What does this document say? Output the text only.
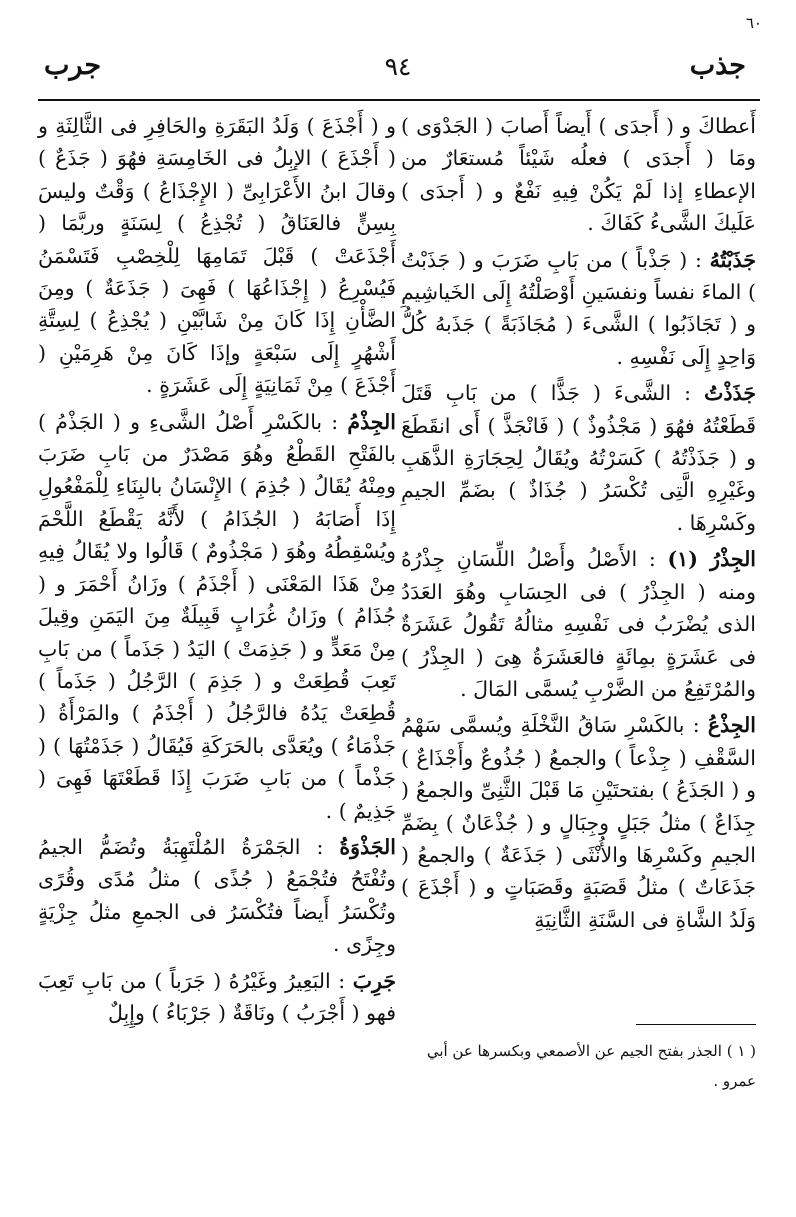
٦٠
جذب
٩٤
جرب

أَعطاكَ و ( أَجدَى ) أَيضاً أَصابَ ( الجَدْوَى ) ومَا ( أَجدَى ) فعلُه شَيْئاً مُستعَارٌ من الإعطاءِ إذا لَمْ يَكُنْ فِيهِ نَفْعٌ و ( أَجدَى ) عَلَيكَ الشَّىءُ كَفَاكَ .

جَذَبْتُهُ : ( جَذْباً ) من بَابِ ضَرَبَ و ( جَذَبْتُ ) الماءَ نفساً ونفسَينِ أَوْصَلْتُهُ إِلَى الخَياشِيمِ و ( تَجَاذَبُوا ) الشَّىءَ ( مُجَاذَبَةً ) جَذَبهُ كُلُّ وَاحِدٍ إِلَى نَفْسِهِ .

جَذَذْتُ : الشَّىءَ ( جَذًّا ) من بَابِ قَتَلَ قَطَعْتُهُ فهُوَ ( مَجْذُوذٌ ) ( فَانْجَذَّ ) أَى انقَطَعَ و ( جَذَذْتُهُ ) كَسَرْتُهُ ويُقَالُ لِحِجَارَةِ الذَّهَبِ وغَيْرِهِ الَّتِى تُكْسَرُ ( جُذَاذٌ ) بضَمِّ الجيمِ وكَسْرِهَا .

الجِذْرُ (١) : الأَصْلُ وأَصْلُ اللِّسَانِ جِذْرُهُ ومنه ( الجِذْرُ ) فى الحِسَابِ وهُوَ العَدَدُ الذى يُضْرَبُ فى نَفْسِهِ مثالُهُ تَقُولُ عَشَرَةٌ فى عَشَرَةٍ بمِائَةٍ فالعَشَرَةُ هِىَ ( الجِذْرُ ) والمُرْتَفِعُ من الضَّرْبِ يُسمَّى المَالَ .

الجِذْعُ : بالكَسْرِ سَاقُ النَّخْلَةِ ويُسمَّى سَهْمُ السَّقْفِ ( جِذْعاً ) والجمعُ ( جُذُوعٌ وأَجْذَاعٌ ) و ( الجَذَعُ ) بفتحتَيْنِ مَا قَبْلَ الثَّنِىِّ والجمعُ ( جِذَاعٌ ) مثلُ جَبَلٍ وجِبَالٍ و ( جُذْعَانٌ ) بِضَمِّ الجيمِ وكَسْرِهَا والأُنْثَى ( جَذَعَةٌ ) والجمعُ ( جَذَعَاتٌ ) مثلُ قَصَبَةٍ وقَصَبَاتٍ و ( أَجْذَعَ ) وَلَدُ الشَّاةِ فى السَّنَةِ الثَّانِيَةِ

و ( أَجْذَعَ ) وَلَدُ البَقَرَةِ والحَافِرِ فى الثَّالِثَةِ و ( أَجْذَعَ ) الإبِلُ فى الخَامِسَةِ فهُوَ ( جَذَعٌ ) وقالَ ابنُ الأَعْرَابِىِّ ( الإِجْذَاعُ ) وَقْتٌ وليسَ بِسِنٍّ فالعَنَاقُ ( تُجْذِعُ ) لِسَنَةٍ وربَّمَا ( أَجْذَعَتْ ) قَبْلَ تَمَامِهَا لِلْخِصْبِ فَتَسْمَنُ فَيُسْرِعُ ( إِجْذَاعُهَا ) فَهِىَ ( جَذَعَةٌ ) ومِنَ الضَّأْنِ إِذَا كَانَ مِنْ شَابَّيْنِ ( يُجْذِعُ ) لِسِتَّةِ أَشْهُرٍ إِلَى سَبْعَةٍ وإذَا كَانَ مِنْ هَرِمَيْنِ ( أَجْذَعَ ) مِنْ ثَمَانِيَةٍ إِلَى عَشَرَةٍ .

الجِذْمُ : بالكَسْرِ أَصْلُ الشَّىءِ و ( الجَذْمُ ) بالفَتْحِ القَطْعُ وهُوَ مَصْدَرٌ من بَابِ ضَرَبَ ومِنْهُ يُقَالُ ( جُذِمَ ) الإِنْسَانُ بالبِنَاءِ لِلْمَفْعُولِ إِذَا أَصَابَهُ ( الجُذَامُ ) لأَنَّهُ يَقْطَعُ اللَّحْمَ ويُسْقِطُهُ وهُوَ ( مَجْذُومٌ ) قَالُوا ولا يُقَالُ فِيهِ مِنْ هَذَا المَعْنَى ( أَجْذَمُ ) وزَانُ أَحْمَرَ و ( جُذَامُ ) وزَانُ غُرَابٍ قَبِيلَةٌ مِنَ اليَمَنِ وقِيلَ مِنْ مَعَدٍّ و ( جَذِمَتْ ) اليَدُ ( جَذَماً ) من بَابِ تَعِبَ قُطِعَتْ و ( جَذِمَ ) الرَّجُلُ ( جَذَماً ) قُطِعَتْ يَدُهُ فالرَّجُلُ ( أَجْذَمُ ) والمَرْأَةُ ( جَذْمَاءُ ) ويُعَدَّى بالحَرَكَةِ فَيُقَالُ ( جَذَمْتُهَا ) ( جَذْماً ) من بَابِ ضَرَبَ إِذَا قَطَعْتَهَا فَهِىَ ( جَذِيمٌ ) .

الجَذْوَةُ : الجَمْرَةُ المُلْتَهِبَةُ وتُضَمُّ الجيمُ وتُفْتَحُ فتُجْمَعُ ( جُذًى ) مثلُ مُدًى وقُرًى وتُكْسَرُ أَيضاً فتُكْسَرُ فى الجمعِ مثلُ جِزْيَةٍ وجِزًى .

جَرِبَ : البَعِيرُ وغَيْرُهُ ( جَرَباً ) من بَابِ تَعِبَ فهو ( أَجْرَبُ ) ونَاقَةٌ ( جَرْبَاءُ ) وإِبِلٌ

( ١ ) الجذر بفتح الجيم عن الأصمعي وبكسرها عن أبي عمرو .
